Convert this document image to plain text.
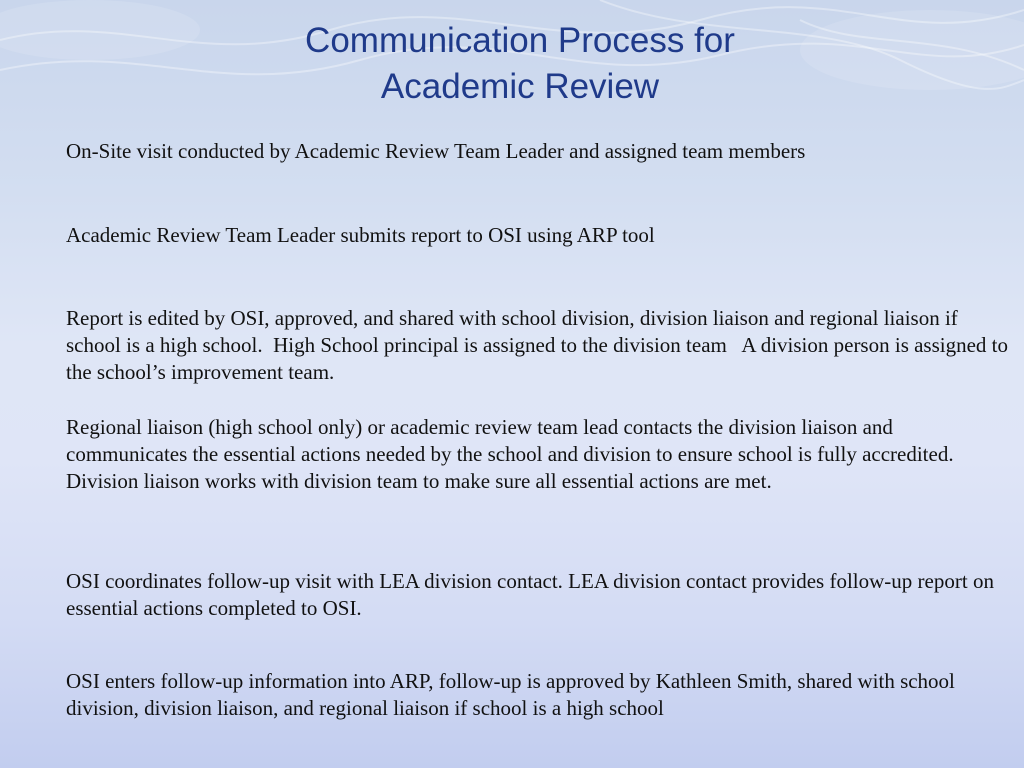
Communication Process for
Academic Review
On-Site visit conducted by Academic Review Team Leader and assigned team members
Academic Review Team Leader submits report to OSI using ARP tool
Report is edited by OSI, approved, and shared with school division, division liaison and regional liaison if school is a high school.  High School principal is assigned to the division team   A division person is assigned to the school’s improvement team.
Regional liaison (high school only) or academic review team lead contacts the division liaison and communicates the essential actions needed by the school and division to ensure school is fully accredited.  Division liaison works with division team to make sure all essential actions are met.
OSI coordinates follow-up visit with LEA division contact. LEA division contact provides follow-up report on essential actions completed to OSI.
OSI enters follow-up information into ARP, follow-up is approved by Kathleen Smith, shared with school division, division liaison, and regional liaison if school is a high school
